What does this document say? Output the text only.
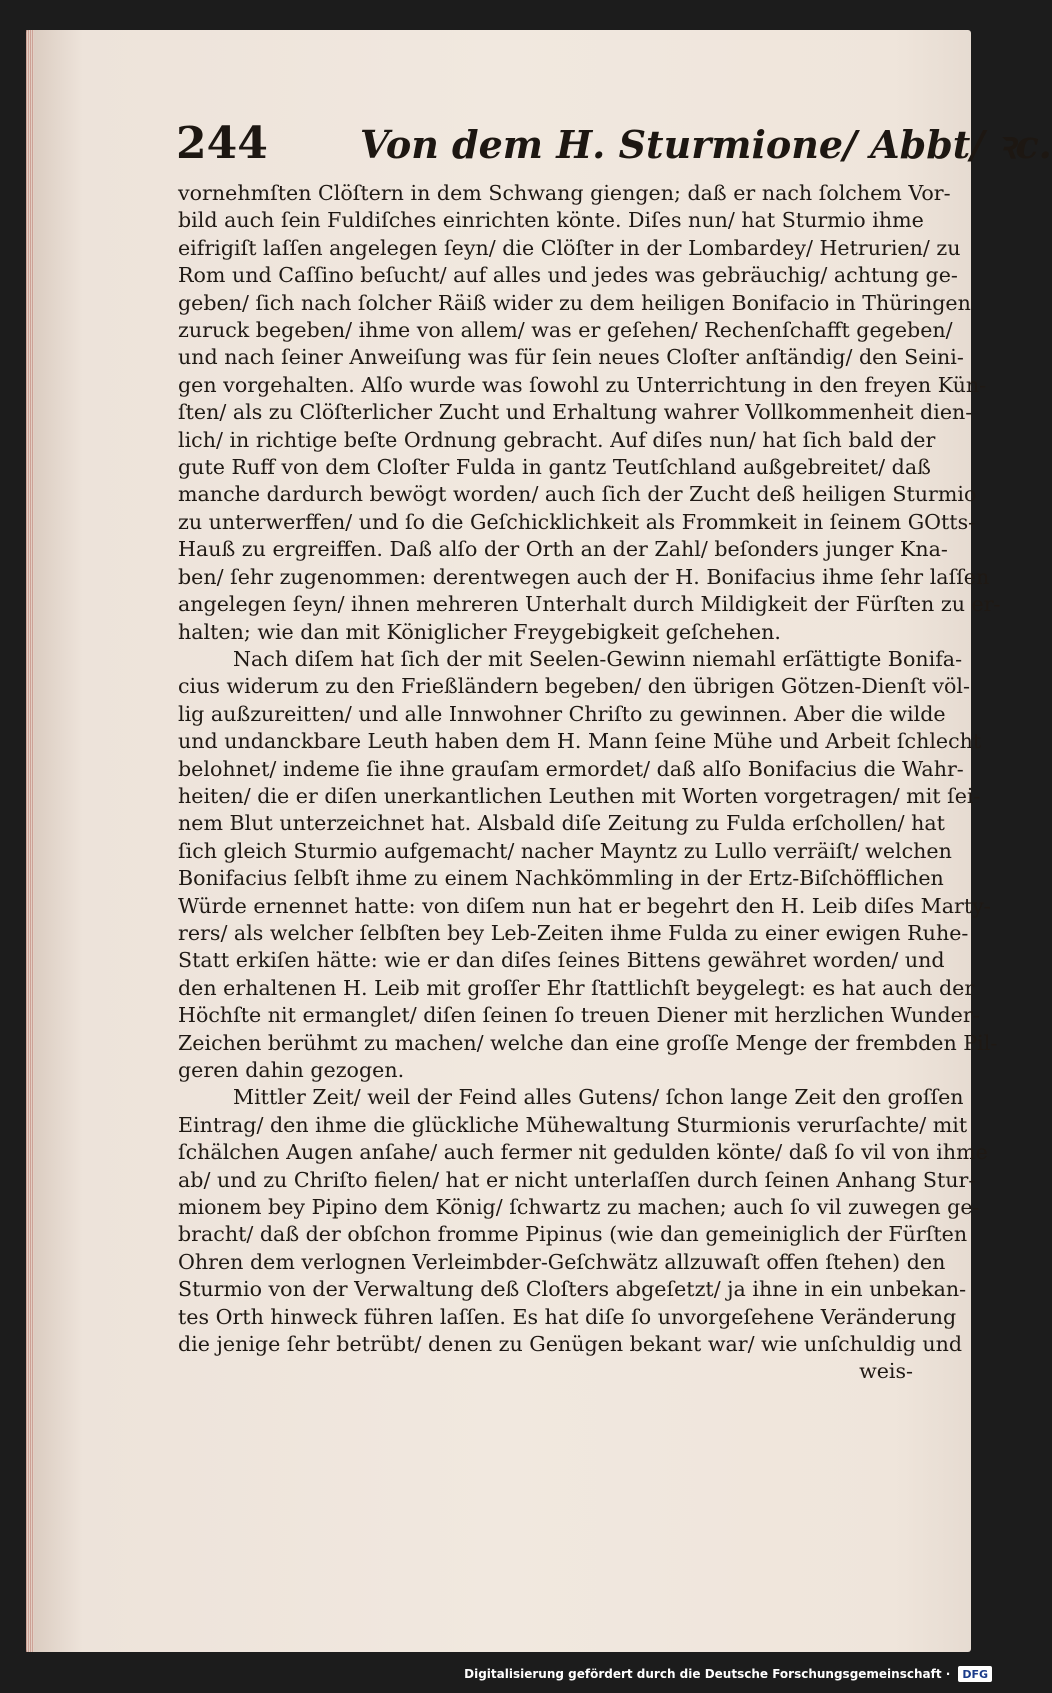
244 Von dem H. Sturmione/ Abbt/ ꝛc.
vornehmſten Clöſtern in dem Schwang giengen; daß er nach ſolchem Vor-
bild auch ſein Fuldiſches einrichten könte. Diſes nun/ hat Sturmio ihme
eifrigiſt laſſen angelegen ſeyn/ die Clöſter in der Lombardey/ Hetrurien/ zu
Rom und Caſſino beſucht/ auf alles und jedes was gebräuchig/ achtung ge-
geben/ ſich nach ſolcher Räiß wider zu dem heiligen Bonifacio in Thüringen
zuruck begeben/ ihme von allem/ was er geſehen/ Rechenſchafft gegeben/
und nach ſeiner Anweiſung was für ſein neues Cloſter anſtändig/ den Seini-
gen vorgehalten. Alſo wurde was ſowohl zu Unterrichtung in den freyen Kün-
ſten/ als zu Clöſterlicher Zucht und Erhaltung wahrer Vollkommenheit dien-
lich/ in richtige beſte Ordnung gebracht. Auf diſes nun/ hat ſich bald der
gute Ruff von dem Cloſter Fulda in gantz Teutſchland außgebreitet/ daß
manche dardurch bewögt worden/ auch ſich der Zucht deß heiligen Sturmio
zu unterwerffen/ und ſo die Geſchicklichkeit als Frommkeit in ſeinem GOtts-
Hauß zu ergreiffen. Daß alſo der Orth an der Zahl/ beſonders junger Kna-
ben/ ſehr zugenommen: derentwegen auch der H. Bonifacius ihme ſehr laſſen
angelegen ſeyn/ ihnen mehreren Unterhalt durch Mildigkeit der Fürſten zu er-
halten; wie dan mit Königlicher Freygebigkeit geſchehen.
Nach diſem hat ſich der mit Seelen-Gewinn niemahl erſättigte Bonifa-
cius widerum zu den Frießländern begeben/ den übrigen Götzen-Dienſt völ-
lig außzureitten/ und alle Innwohner Chriſto zu gewinnen. Aber die wilde
und undanckbare Leuth haben dem H. Mann ſeine Mühe und Arbeit ſchlecht
belohnet/ indeme ſie ihne grauſam ermordet/ daß alſo Bonifacius die Wahr-
heiten/ die er diſen unerkantlichen Leuthen mit Worten vorgetragen/ mit ſei-
nem Blut unterzeichnet hat. Alsbald diſe Zeitung zu Fulda erſchollen/ hat
ſich gleich Sturmio aufgemacht/ nacher Mayntz zu Lullo verräiſt/ welchen
Bonifacius ſelbſt ihme zu einem Nachkömmling in der Ertz-Biſchöfflichen
Würde ernennet hatte: von diſem nun hat er begehrt den H. Leib diſes Marty-
rers/ als welcher ſelbſten bey Leb-Zeiten ihme Fulda zu einer ewigen Ruhe-
Statt erkiſen hätte: wie er dan diſes ſeines Bittens gewähret worden/ und
den erhaltenen H. Leib mit groſſer Ehr ſtattlichſt beygelegt: es hat auch der
Höchſte nit ermanglet/ diſen ſeinen ſo treuen Diener mit herzlichen Wunder-
Zeichen berühmt zu machen/ welche dan eine groſſe Menge der frembden Pil-
geren dahin gezogen.
Mittler Zeit/ weil der Feind alles Gutens/ ſchon lange Zeit den groſſen
Eintrag/ den ihme die glückliche Mühewaltung Sturmionis verurſachte/ mit
ſchälchen Augen anſahe/ auch fermer nit gedulden könte/ daß ſo vil von ihme
ab/ und zu Chriſto fielen/ hat er nicht unterlaſſen durch ſeinen Anhang Stur-
mionem bey Pipino dem König/ ſchwartz zu machen; auch ſo vil zuwegen ge-
bracht/ daß der obſchon fromme Pipinus (wie dan gemeiniglich der Fürſten
Ohren dem verlognen Verleimbder-Geſchwätz allzuwaſt offen ſtehen) den
Sturmio von der Verwaltung deß Cloſters abgeſetzt/ ja ihne in ein unbekan-
tes Orth hinweck führen laſſen. Es hat diſe ſo unvorgeſehene Veränderung
die jenige ſehr betrübt/ denen zu Genügen bekant war/ wie unſchuldig und
weis-
Digitalisierung gefördert durch die Deutsche Forschungsgemeinschaft ·	DFG
